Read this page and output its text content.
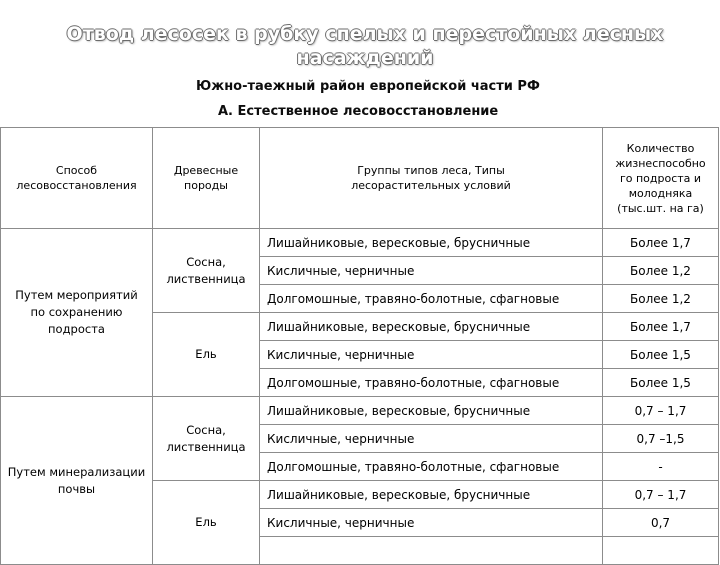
Отвод лесосек в рубку спелых и перестойных лесных насаждений
Южно-таежный район европейской части РФ
А. Естественное лесовосстановление
Способ лесовосстановления	Древесные породы	Группы типов леса, Типы лесорастительных условий	Количество жизнеспособно го подроста и молодняка (тыс.шт. на га)
Путем мероприятий по сохранению подроста	Сосна, лиственница	Лишайниковые, вересковые, брусничные	Более 1,7
		Кисличные, черничные	Более 1,2
		Долгомошные, травяно-болотные, сфагновые	Более 1,2
	Ель	Лишайниковые, вересковые, брусничные	Более 1,7
		Кисличные, черничные	Более 1,5
		Долгомошные, травяно-болотные, сфагновые	Более 1,5
Путем минерализации почвы	Сосна, лиственница	Лишайниковые, вересковые, брусничные	0,7 – 1,7
		Кисличные, черничные	0,7 –1,5
		Долгомошные, травяно-болотные, сфагновые	-
	Ель	Лишайниковые, вересковые, брусничные	0,7 – 1,7
		Кисличные, черничные	0,7
